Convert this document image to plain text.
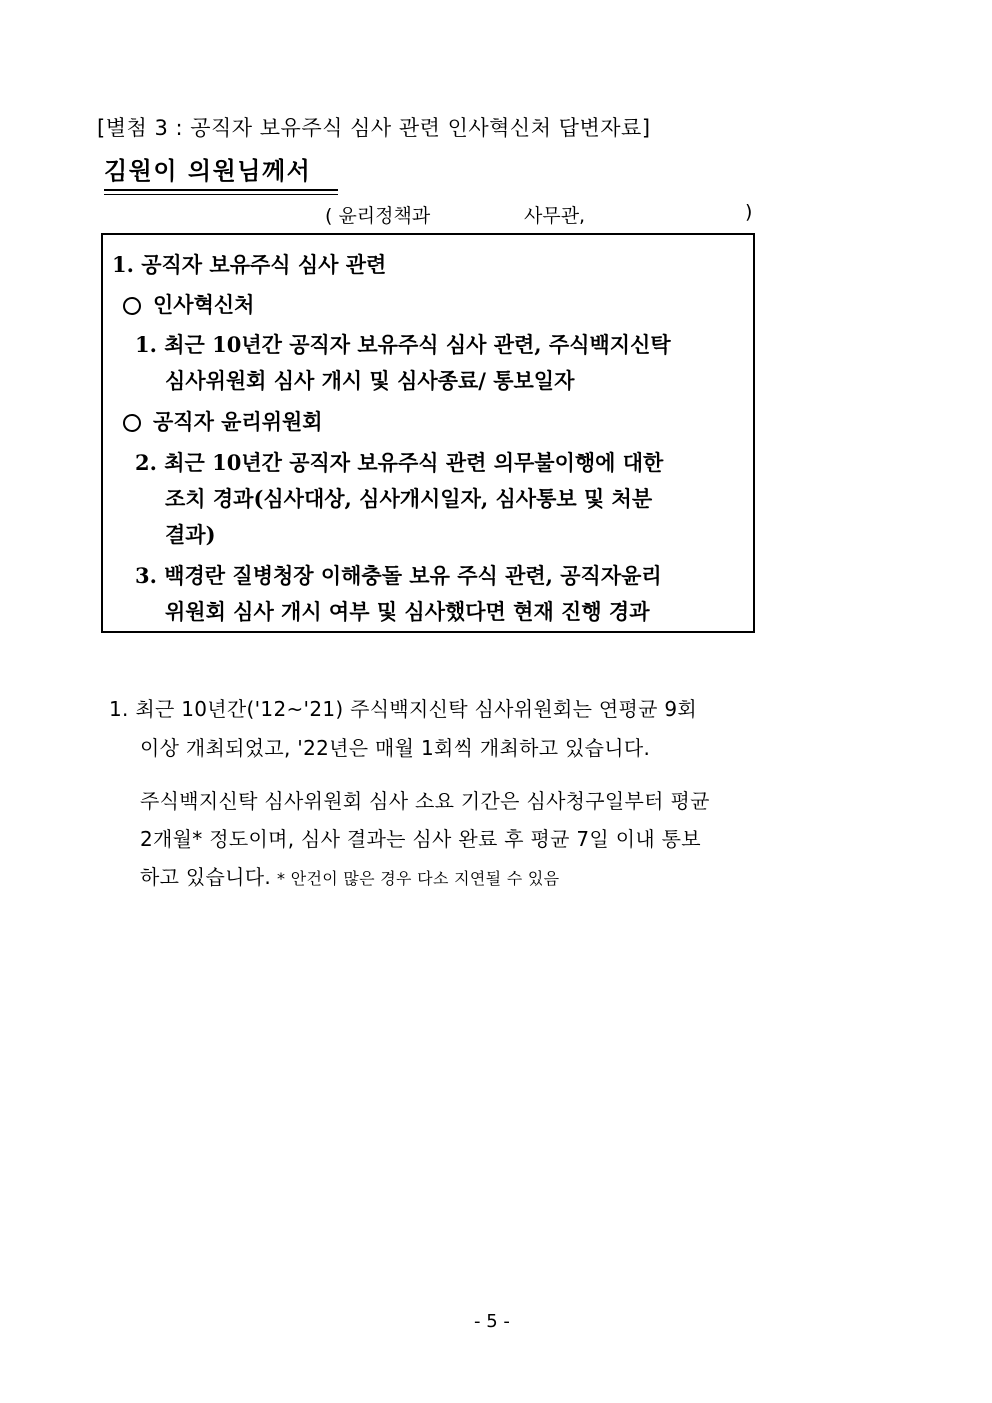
[별첨 3 : 공직자 보유주식 심사 관련 인사혁신처 답변자료]
김원이 의원님께서
( 윤리정책과	사무관,	)
1. 공직자 보유주식 심사 관련
인사혁신처
1. 최근 10년간 공직자 보유주식 심사 관련, 주식백지신탁
심사위원회 심사 개시 및 심사종료/ 통보일자
공직자 윤리위원회
2. 최근 10년간 공직자 보유주식 관련 의무불이행에 대한
조치 경과(심사대상, 심사개시일자, 심사통보 및 처분
결과)
3. 백경란 질병청장 이해충돌 보유 주식 관련, 공직자윤리
위원회 심사 개시 여부 및 심사했다면 현재 진행 경과
1. 최근 10년간('12~'21) 주식백지신탁 심사위원회는 연평균 9회
이상 개최되었고, '22년은 매월 1회씩 개최하고 있습니다.
주식백지신탁 심사위원회 심사 소요 기간은 심사청구일부터 평균
2개월* 정도이며, 심사 결과는 심사 완료 후 평균 7일 이내 통보
하고 있습니다. * 안건이 많은 경우 다소 지연될 수 있음
- 5 -
